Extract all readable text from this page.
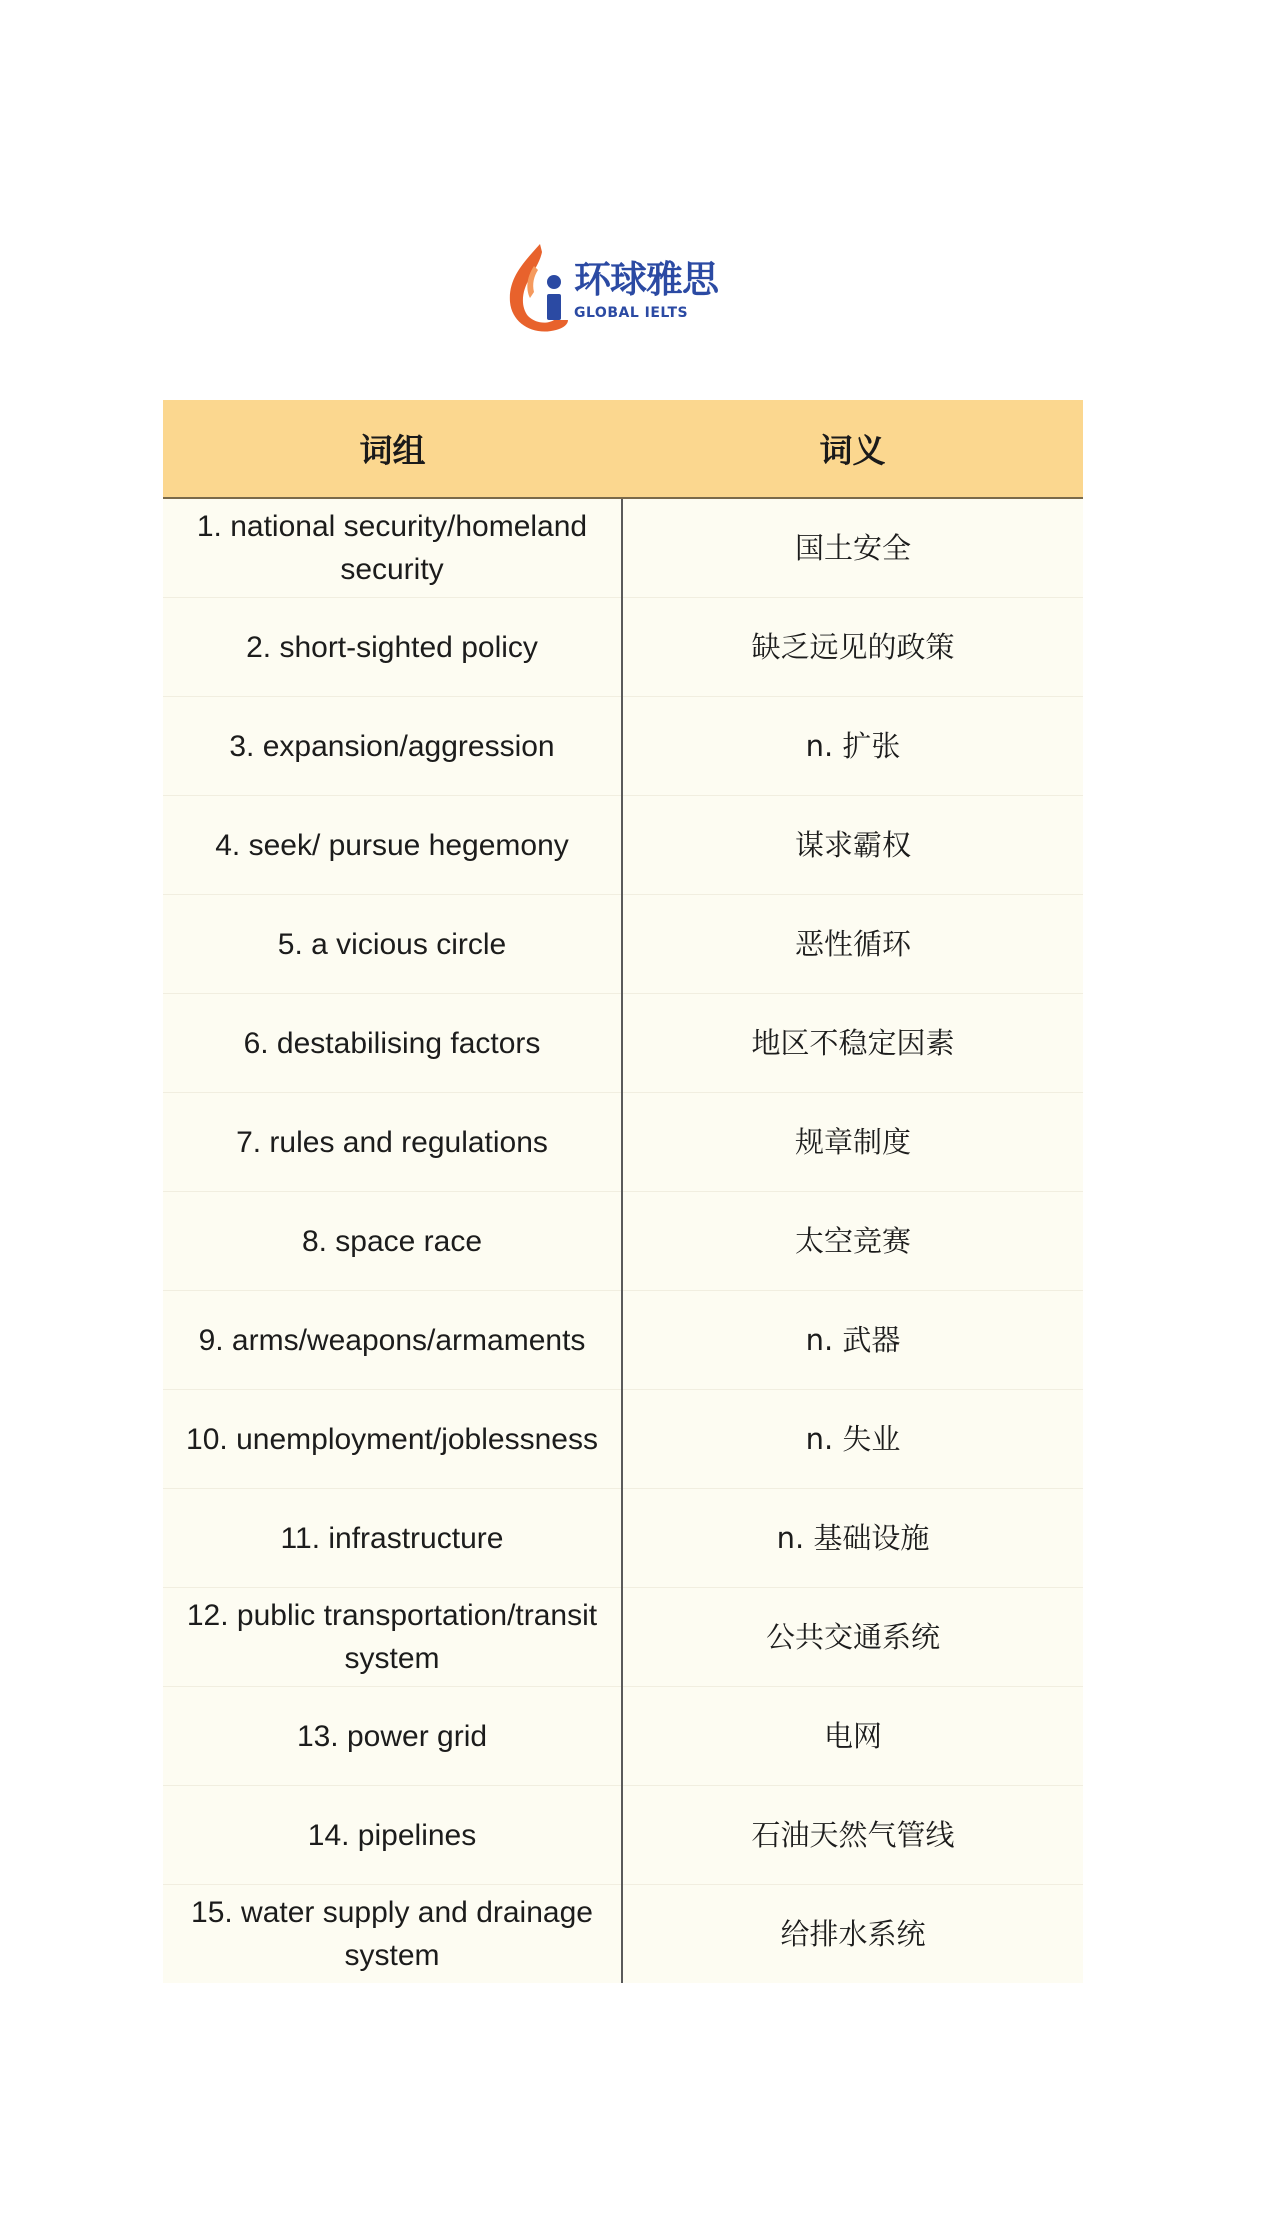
环球雅思
GLOBAL IELTS
词组	词义
1. national security/homeland security	国土安全
2. short-sighted policy	缺乏远见的政策
3. expansion/aggression	n. 扩张
4. seek/ pursue hegemony	谋求霸权
5. a vicious circle	恶性循环
6. destabilising factors	地区不稳定因素
7. rules and regulations	规章制度
8. space race	太空竞赛
9. arms/weapons/armaments	n. 武器
10. unemployment/joblessness	n. 失业
11. infrastructure	n. 基础设施
12. public transportation/transit system	公共交通系统
13. power grid	电网
14. pipelines	石油天然气管线
15. water supply and drainage system	给排水系统
